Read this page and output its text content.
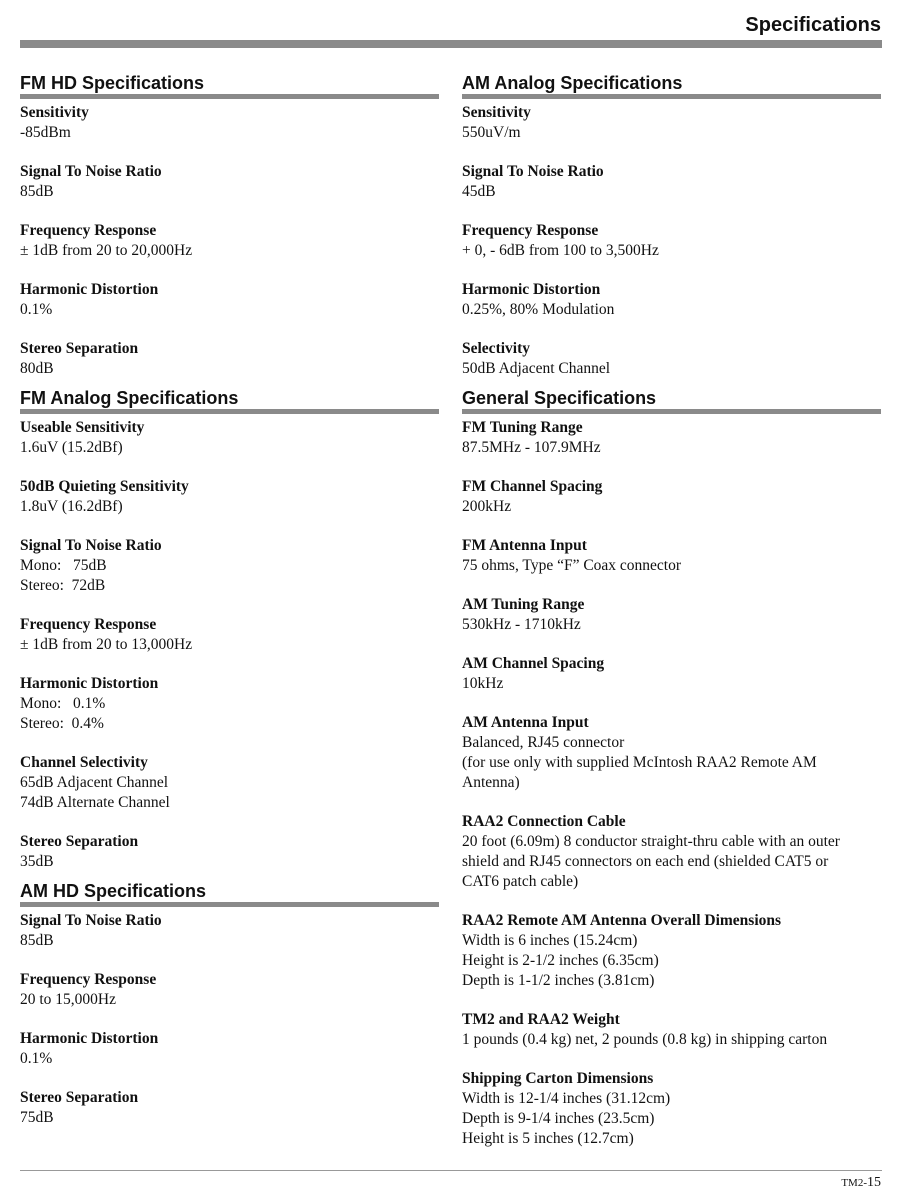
Specifications
FM HD Specifications
Sensitivity
-85dBm
Signal To Noise Ratio
85dB
Frequency Response
± 1dB from 20 to 20,000Hz
Harmonic Distortion
0.1%
Stereo Separation
80dB
FM Analog Specifications
Useable Sensitivity
1.6uV (15.2dBf)
50dB Quieting Sensitivity
1.8uV (16.2dBf)
Signal To Noise Ratio
Mono:   75dB
Stereo:  72dB
Frequency Response
± 1dB from 20 to 13,000Hz
Harmonic Distortion
Mono:   0.1%
Stereo:  0.4%
Channel Selectivity
65dB Adjacent Channel
74dB Alternate Channel
Stereo Separation
35dB
AM HD Specifications
Signal To Noise Ratio
85dB
Frequency Response
20 to 15,000Hz
Harmonic Distortion
0.1%
Stereo Separation
75dB
AM Analog Specifications
Sensitivity
550uV/m
Signal To Noise Ratio
45dB
Frequency Response
+ 0, - 6dB from 100 to 3,500Hz
Harmonic Distortion
0.25%, 80% Modulation
Selectivity
50dB Adjacent Channel
General Specifications
FM Tuning Range
87.5MHz - 107.9MHz
FM Channel Spacing
200kHz
FM Antenna Input
75 ohms, Type “F” Coax connector
AM Tuning Range
530kHz - 1710kHz
AM Channel Spacing
10kHz
AM Antenna Input
Balanced, RJ45 connector
(for use only with supplied McIntosh RAA2 Remote AM
Antenna)
RAA2 Connection Cable
20 foot (6.09m) 8 conductor straight-thru cable with an outer
shield and RJ45 connectors on each end (shielded CAT5 or
CAT6 patch cable)
RAA2 Remote AM Antenna Overall Dimensions
Width is 6 inches (15.24cm)
Height is 2-1/2 inches (6.35cm)
Depth is 1-1/2 inches (3.81cm)
TM2 and RAA2 Weight
1 pounds (0.4 kg) net, 2 pounds (0.8 kg) in shipping carton
Shipping Carton Dimensions
Width is 12-1/4 inches (31.12cm)
Depth is 9-1/4 inches (23.5cm)
Height is 5 inches (12.7cm)
TM2-15
